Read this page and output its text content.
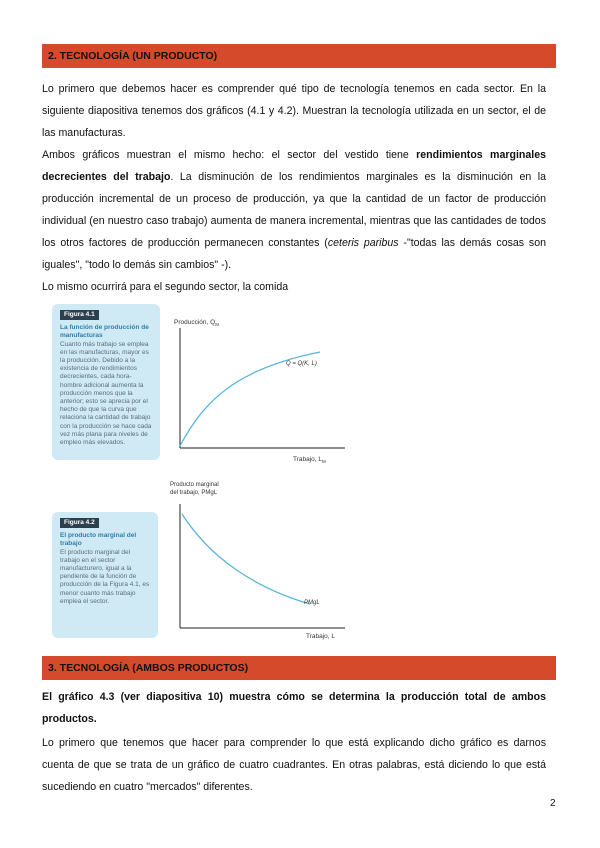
2. TECNOLOGÍA (UN PRODUCTO)
Lo primero que debemos hacer es comprender qué tipo de tecnología tenemos en cada sector. En la siguiente diapositiva tenemos dos gráficos (4.1 y 4.2). Muestran la tecnología utilizada en un sector, el de las manufacturas.
Ambos gráficos muestran el mismo hecho: el sector del vestido tiene rendimientos marginales decrecientes del trabajo. La disminución de los rendimientos marginales es la disminución en la producción incremental de un proceso de producción, ya que la cantidad de un factor de producción individual (en nuestro caso trabajo) aumenta de manera incremental, mientras que las cantidades de todos los otros factores de producción permanecen constantes (ceteris paribus -"todas las demás cosas son iguales", "todo lo demás sin cambios" -).
Lo mismo ocurrirá para el segundo sector, la comida
Figura 4.1
La función de producción de manufacturas
Cuanto más trabajo se emplea en las manufacturas, mayor es la producción. Debido a la existencia de rendimientos decrecientes, cada hora-hombre adicional aumenta la producción menos que la anterior; esto se aprecia por el hecho de que la curva que relaciona la cantidad de trabajo con la producción se hace cada vez más plana para niveles de empleo más elevados.
Producción, $Q_M$
Trabajo, $L_M$
Q = Q(K, L)
Figura 4.2
El producto marginal del trabajo
El producto marginal del trabajo en el sector manufacturero, igual a la pendiente de la función de producción de la Figura 4.1, es menor cuanto más trabajo emplea el sector.
Producto marginal
del trabajo, PMgL
Trabajo, L
PMgL
3. TECNOLOGÍA (AMBOS PRODUCTOS)
El gráfico 4.3 (ver diapositiva 10) muestra cómo se determina la producción total de ambos productos.
Lo primero que tenemos que hacer para comprender lo que está explicando dicho gráfico es darnos cuenta de que se trata de un gráfico de cuatro cuadrantes. En otras palabras, está diciendo lo que está sucediendo en cuatro "mercados" diferentes.
2
